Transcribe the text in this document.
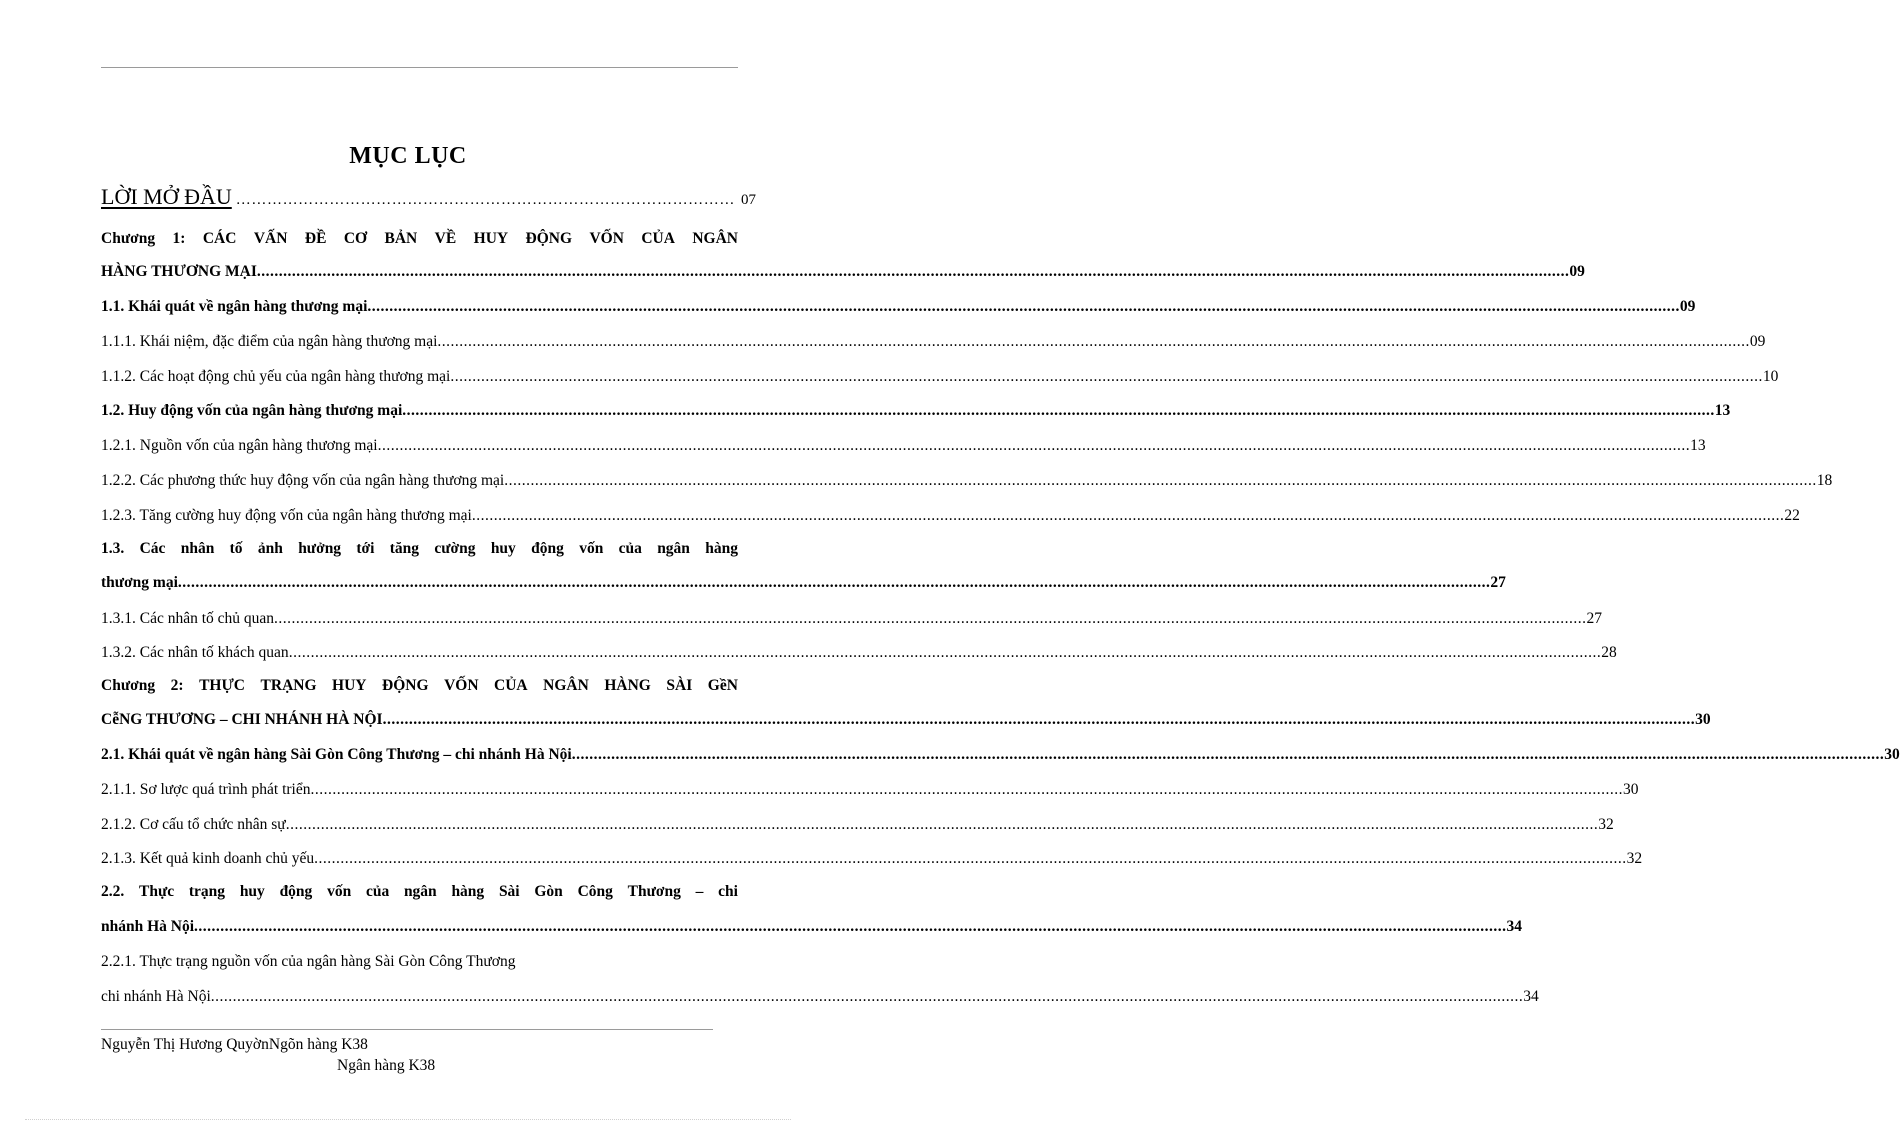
MỤC LỤC
LỜI MỞ ĐẦU …………………………………………………………………………………… 07
Chương 1: CÁC VẤN ĐỀ CƠ BẢN VỀ HUY ĐỘNG VỐN CỦA NGÂN
HÀNG THƯƠNG MẠI ............................................................................................................................................................................................................................................................................................................ 09
1.1. Khái quát về ngân hàng thương mại ............................................................................................................................................................................................................................................................................................................ 09
1.1.1. Khái niệm, đặc điểm của ngân hàng thương mại ............................................................................................................................................................................................................................................................................................................ 09
1.1.2. Các hoạt động chủ yếu của ngân hàng thương mại ............................................................................................................................................................................................................................................................................................................ 10
1.2. Huy động vốn của ngân hàng thương mại ............................................................................................................................................................................................................................................................................................................ 13
1.2.1. Nguồn vốn của ngân hàng thương mại ............................................................................................................................................................................................................................................................................................................ 13
1.2.2. Các phương thức huy động vốn của ngân hàng thương mại ............................................................................................................................................................................................................................................................................................................ 18
1.2.3. Tăng cường huy động vốn của ngân hàng thương mại ............................................................................................................................................................................................................................................................................................................ 22
1.3. Các nhân tố ảnh hưởng tới tăng cường huy động vốn của ngân hàng
thương mại ............................................................................................................................................................................................................................................................................................................ 27
1.3.1. Các nhân tố chủ quan ............................................................................................................................................................................................................................................................................................................ 27
1.3.2. Các nhân tố khách quan ............................................................................................................................................................................................................................................................................................................ 28
Chương 2: THỰC TRẠNG HUY ĐỘNG VỐN CỦA NGÂN HÀNG SÀI GềN
CễNG THƯƠNG – CHI NHÁNH HÀ NỘI ............................................................................................................................................................................................................................................................................................................ 30
2.1. Khái quát về ngân hàng Sài Gòn Công Thương – chi nhánh Hà Nội ............................................................................................................................................................................................................................................................................................................ 30
2.1.1. Sơ lược quá trình phát triển ............................................................................................................................................................................................................................................................................................................ 30
2.1.2. Cơ cấu tổ chức nhân sự ............................................................................................................................................................................................................................................................................................................ 32
2.1.3. Kết quả kinh doanh chủ yếu ............................................................................................................................................................................................................................................................................................................ 32
2.2. Thực trạng huy động vốn của ngân hàng Sài Gòn Công Thương – chi
nhánh Hà Nội ............................................................................................................................................................................................................................................................................................................ 34
2.2.1. Thực trạng nguồn vốn của ngân hàng Sài Gòn Công Thương
chi nhánh Hà Nội ............................................................................................................................................................................................................................................................................................................ 34
Nguyễn Thị Hương QuyờnNgõn hàng K38
Ngân hàng K38
